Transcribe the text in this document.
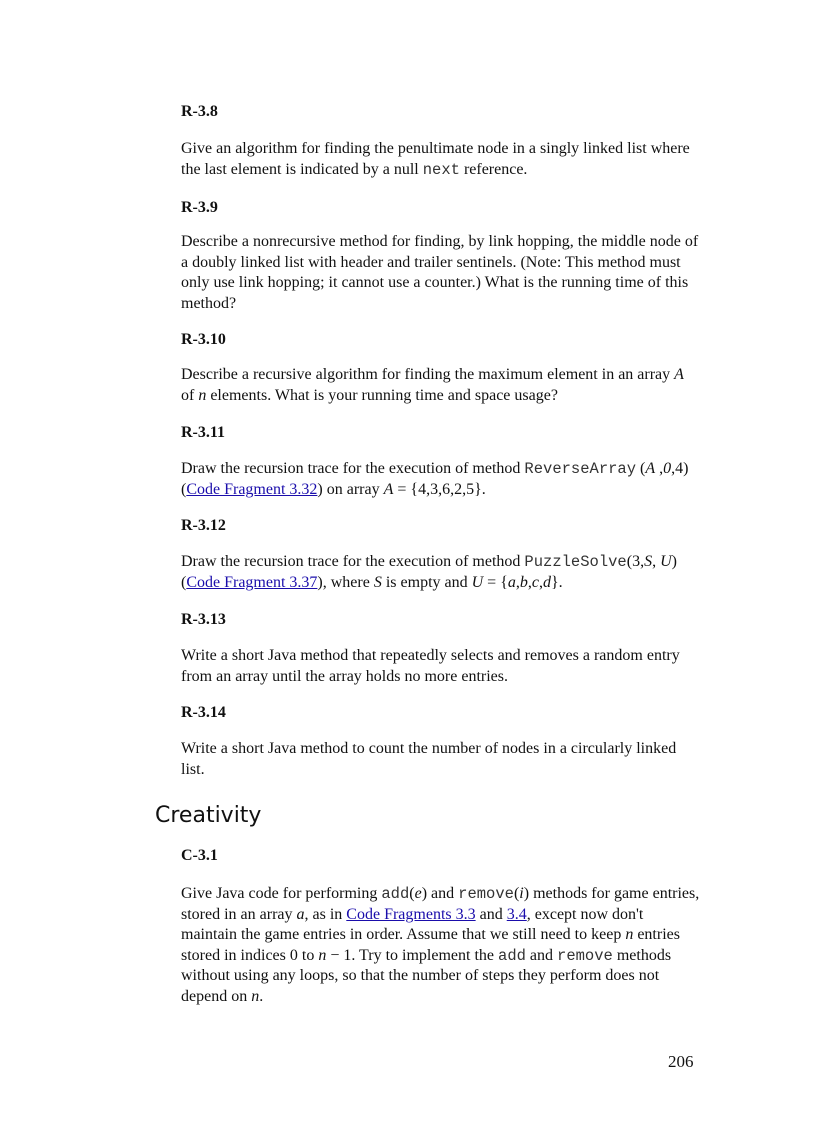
R-3.8

Give an algorithm for finding the penultimate node in a singly linked list where the last element is indicated by a null next reference.

R-3.9

Describe a nonrecursive method for finding, by link hopping, the middle node of a doubly linked list with header and trailer sentinels. (Note: This method must only use link hopping; it cannot use a counter.) What is the running time of this method?

R-3.10

Describe a recursive algorithm for finding the maximum element in an array A of n elements. What is your running time and space usage?

R-3.11

Draw the recursion trace for the execution of method ReverseArray (A ,0,4)
(Code Fragment 3.32) on array A = {4,3,6,2,5}.

R-3.12

Draw the recursion trace for the execution of method PuzzleSolve(3,S, U)
(Code Fragment 3.37), where S is empty and U = {a,b,c,d}.

R-3.13

Write a short Java method that repeatedly selects and removes a random entry from an array until the array holds no more entries.

R-3.14

Write a short Java method to count the number of nodes in a circularly linked list.

Creativity

C-3.1

Give Java code for performing add(e) and remove(i) methods for game entries, stored in an array a, as in Code Fragments 3.3 and 3.4, except now don't maintain the game entries in order. Assume that we still need to keep n entries stored in indices 0 to n − 1. Try to implement the add and remove methods without using any loops, so that the number of steps they perform does not depend on n.

206
